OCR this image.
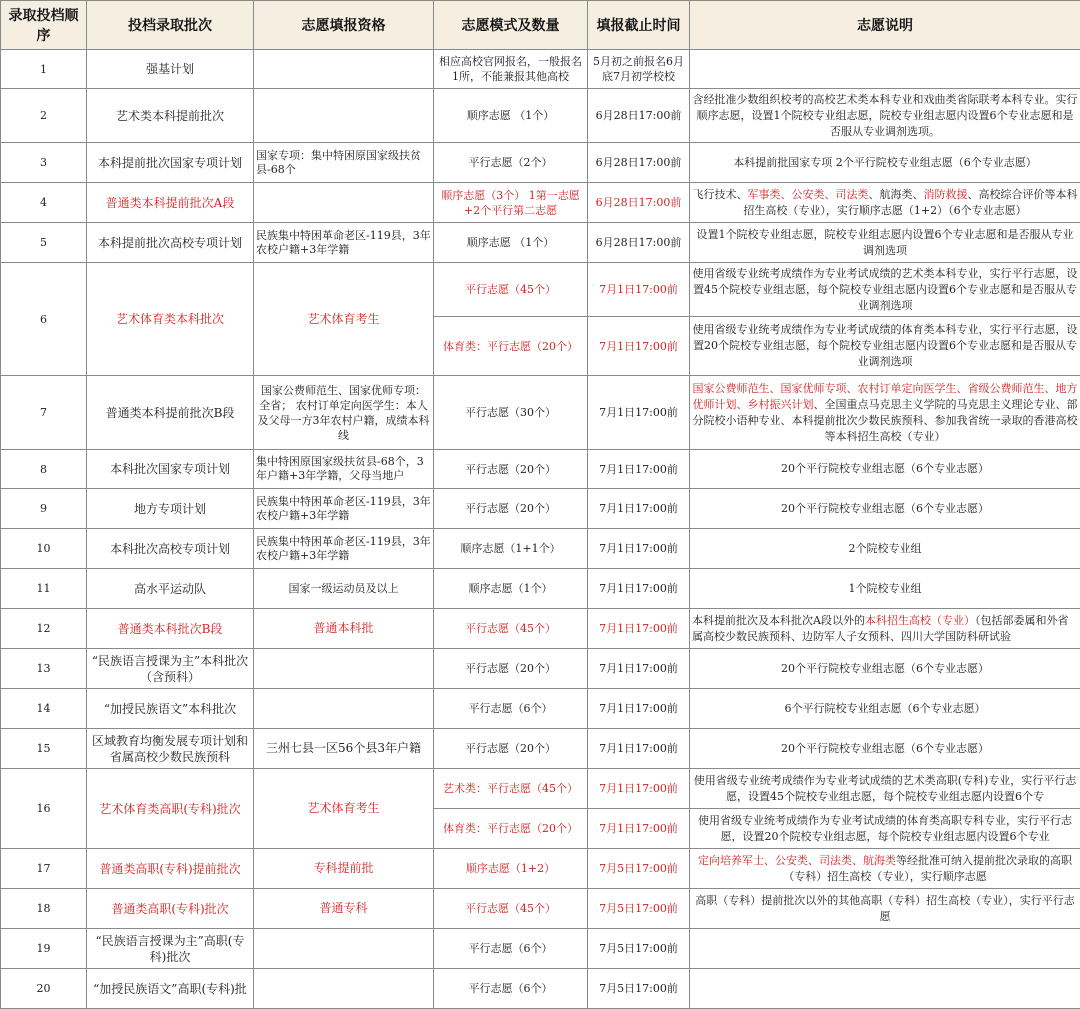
录取投档顺序	投档录取批次	志愿填报资格	志愿模式及数量	填报截止时间	志愿说明
1	强基计划		相应高校官网报名，一般报名1所，不能兼报其他高校	5月初之前报名6月底7月初学校校	
2	艺术类本科提前批次		顺序志愿 （1个）	6月28日17:00前	含经批准少数组织校考的高校艺术类本科专业和戏曲类省际联考本科专业。实行顺序志愿，设置1个院校专业组志愿，院校专业组志愿内设置6个专业志愿和是否服从专业调剂选项。
3	本科提前批次国家专项计划	国家专项：集中特困原国家级扶贫县-68个	平行志愿（2个）	6月28日17:00前	本科提前批国家专项 2个平行院校专业组志愿（6个专业志愿）
4	普通类本科提前批次A段		顺序志愿（3个） 1第一志愿+2个平行第二志愿	6月28日17:00前	飞行技术、军事类、公安类、司法类、航海类、消防救援、高校综合评价等本科招生高校（专业），实行顺序志愿（1+2）（6个专业志愿）
5	本科提前批次高校专项计划	民族集中特困革命老区-119县，3年农校户籍+3年学籍	顺序志愿 （1个）	6月28日17:00前	设置1个院校专业组志愿，院校专业组志愿内设置6个专业志愿和是否服从专业调剂选项
6	艺术体育类本科批次	艺术体育考生	平行志愿（45个）	7月1日17:00前	使用省级专业统考成绩作为专业考试成绩的艺术类本科专业，实行平行志愿，设置45个院校专业组志愿，每个院校专业组志愿内设置6个专业志愿和是否服从专业调剂选项
			体育类：平行志愿（20个）	7月1日17:00前	使用省级专业统考成绩作为专业考试成绩的体育类本科专业，实行平行志愿，设置20个院校专业组志愿，每个院校专业组志愿内设置6个专业志愿和是否服从专业调剂选项
7	普通类本科提前批次B段	国家公费师范生、国家优师专项：全省； 农村订单定向医学生：本人及父母一方3年农村户籍，成绩本科线	平行志愿（30个）	7月1日17:00前	国家公费师范生、国家优师专项、农村订单定向医学生、省级公费师范生、地方优师计划、乡村振兴计划、全国重点马克思主义学院的马克思主义理论专业、部分院校小语种专业、本科提前批次少数民族预科、参加我省统一录取的香港高校等本科招生高校（专业）
8	本科批次国家专项计划	集中特困原国家级扶贫县-68个，3年户籍+3年学籍，父母当地户	平行志愿（20个）	7月1日17:00前	20个平行院校专业组志愿（6个专业志愿）
9	地方专项计划	民族集中特困革命老区-119县，3年农校户籍+3年学籍	平行志愿（20个）	7月1日17:00前	20个平行院校专业组志愿（6个专业志愿）
10	本科批次高校专项计划	民族集中特困革命老区-119县，3年农校户籍+3年学籍	顺序志愿（1+1个）	7月1日17:00前	2个院校专业组
11	高水平运动队	国家一级运动员及以上	顺序志愿（1个）	7月1日17:00前	1个院校专业组
12	普通类本科批次B段	普通本科批	平行志愿（45个）	7月1日17:00前	本科提前批次及本科批次A段以外的本科招生高校（专业）（包括部委属和外省属高校少数民族预科、边防军人子女预科、四川大学国防科研试验
13	“民族语言授课为主”本科批次（含预科）		平行志愿（20个）	7月1日17:00前	20个平行院校专业组志愿（6个专业志愿）
14	“加授民族语文”本科批次		平行志愿（6个）	7月1日17:00前	6个平行院校专业组志愿（6个专业志愿）
15	区域教育均衡发展专项计划和省属高校少数民族预科	三州七县一区56个县3年户籍	平行志愿（20个）	7月1日17:00前	20个平行院校专业组志愿（6个专业志愿）
16	艺术体育类高职(专科)批次	艺术体育考生	艺术类：平行志愿（45个）	7月1日17:00前	使用省级专业统考成绩作为专业考试成绩的艺术类高职(专科)专业，实行平行志愿，设置45个院校专业组志愿，每个院校专业组志愿内设置6个专
			体育类：平行志愿（20个）	7月1日17:00前	使用省级专业统考成绩作为专业考试成绩的体育类高职专科专业，实行平行志愿，设置20个院校专业组志愿，每个院校专业组志愿内设置6个专业
17	普通类高职(专科)提前批次	专科提前批	顺序志愿（1+2）	7月5日17:00前	定向培养军士、公安类、司法类、航海类等经批准可纳入提前批次录取的高职（专科）招生高校（专业），实行顺序志愿
18	普通类高职(专科)批次	普通专科	平行志愿（45个）	7月5日17:00前	高职（专科）提前批次以外的其他高职（专科）招生高校（专业），实行平行志愿
19	“民族语言授课为主”高职(专科)批次		平行志愿（6个）	7月5日17:00前	
20	“加授民族语文”高职(专科)批		平行志愿（6个）	7月5日17:00前	
